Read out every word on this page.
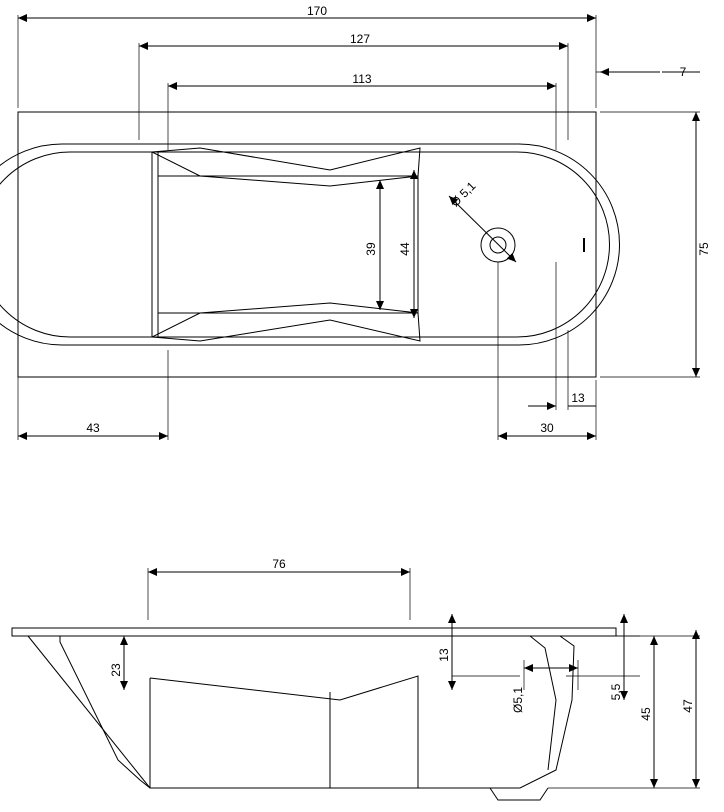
170
127
113	7
75
39 44
Ø 5,1
43
13
30
76
23
13
Ø5,1	5,5
45
47
